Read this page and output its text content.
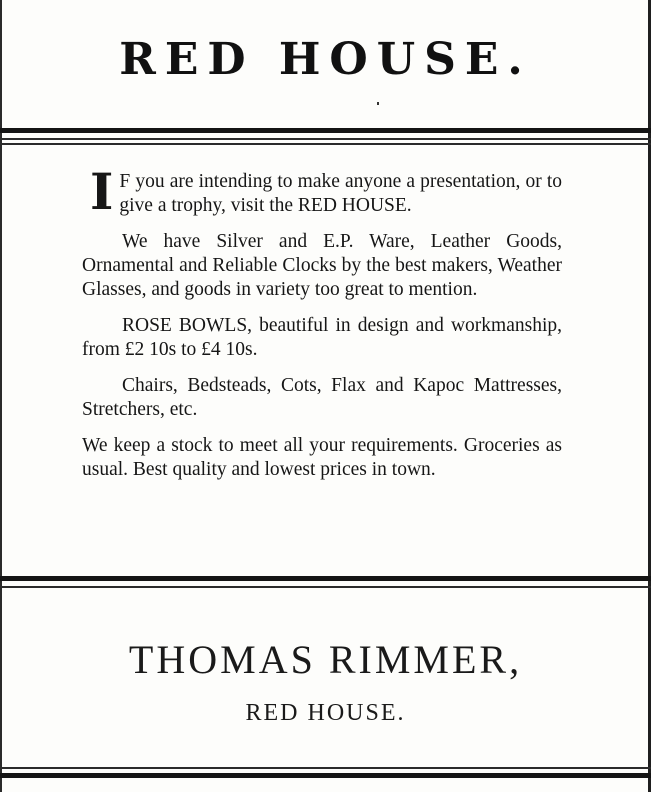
RED HOUSE.

I F you are intending to make anyone a presentation, or to give a trophy, visit the RED HOUSE.

We have Silver and E.P. Ware, Leather Goods, Ornamental and Reliable Clocks by the best makers, Weather Glasses, and goods in variety too great to mention.

ROSE BOWLS, beautiful in design and workmanship, from £2 10s to £4 10s.

Chairs, Bedsteads, Cots, Flax and Kapoc Mattresses, Stretchers, etc.

We keep a stock to meet all your requirements. Groceries as usual. Best quality and lowest prices in town.

THOMAS RIMMER,
RED HOUSE.
